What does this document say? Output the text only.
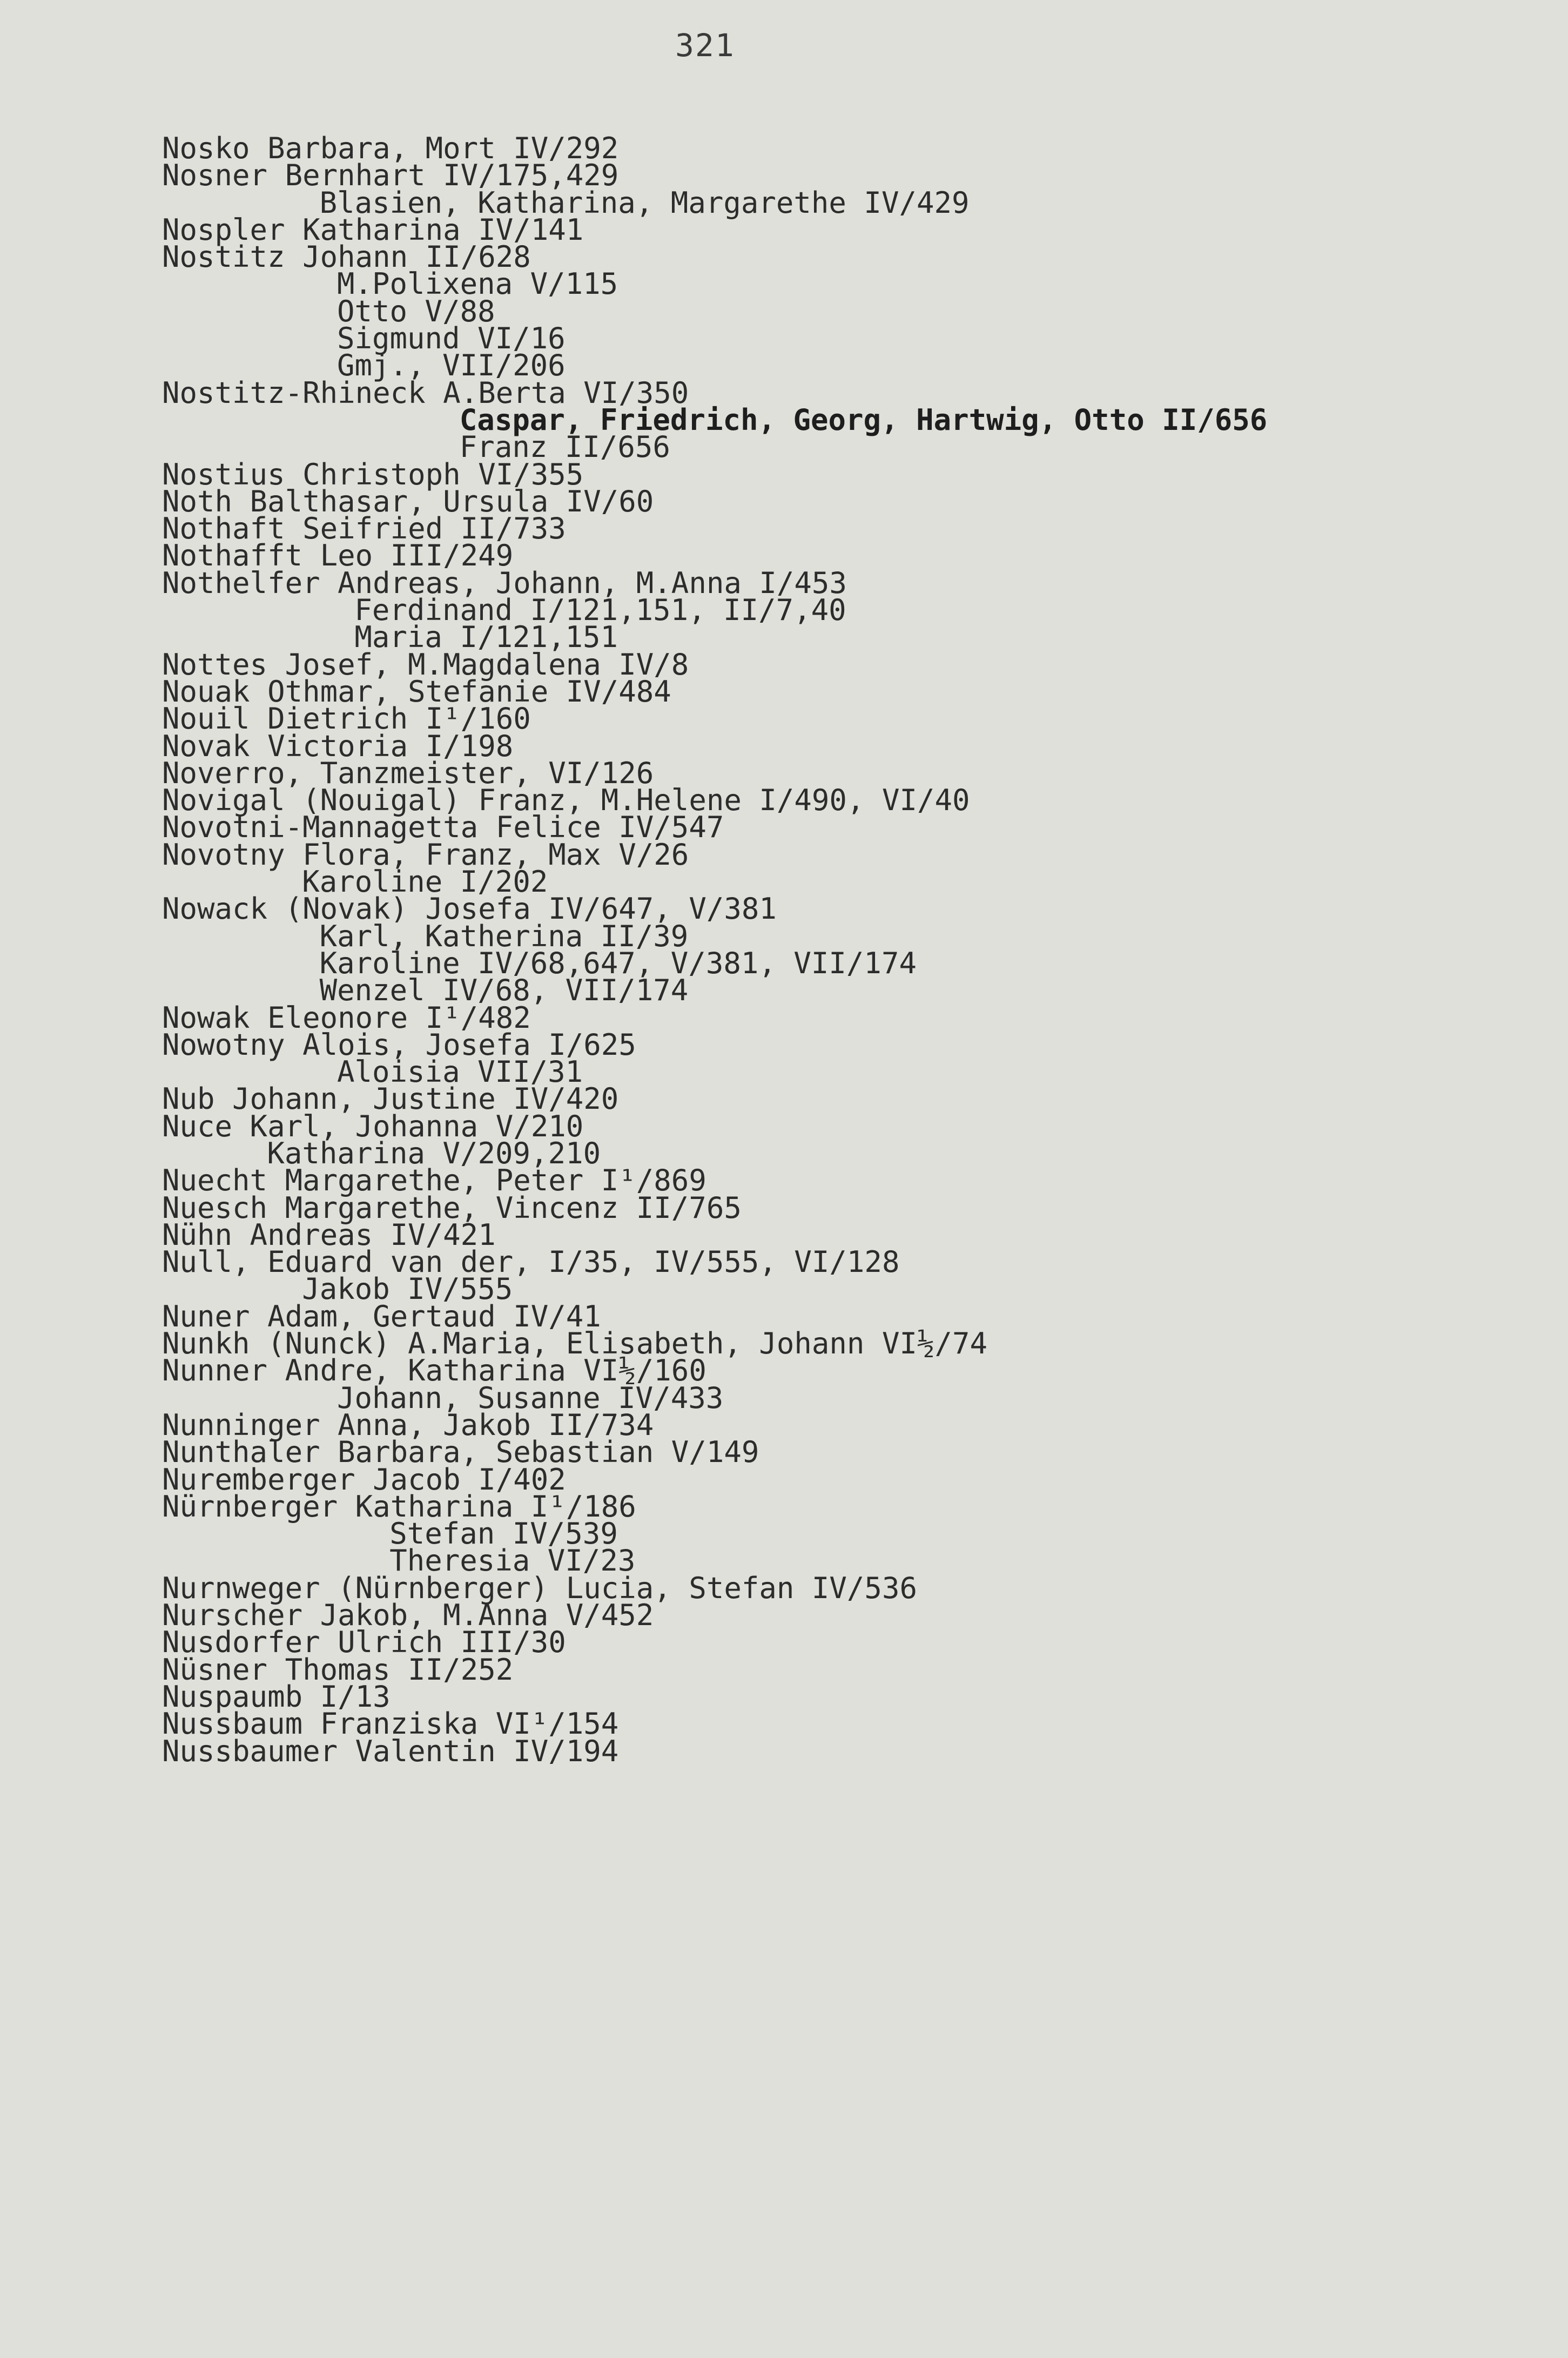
321
Nosko Barbara, Mort IV/292
Nosner Bernhart IV/175,429
Blasien, Katharina, Margarethe IV/429
Nospler Katharina IV/141
Nostitz Johann II/628
M.Polixena V/115
Otto V/88
Sigmund VI/16
Gmj., VII/206
Nostitz-Rhineck A.Berta VI/350
Caspar, Friedrich, Georg, Hartwig, Otto II/656
Franz II/656
Nostius Christoph VI/355
Noth Balthasar, Ursula IV/60
Nothaft Seifried II/733
Nothafft Leo III/249
Nothelfer Andreas, Johann, M.Anna I/453
Ferdinand I/121,151, II/7,40
Maria I/121,151
Nottes Josef, M.Magdalena IV/8
Nouak Othmar, Stefanie IV/484
Nouil Dietrich I¹/160
Novak Victoria I/198
Noverro, Tanzmeister, VI/126
Novigal (Nouigal) Franz, M.Helene I/490, VI/40
Novotni-Mannagetta Felice IV/547
Novotny Flora, Franz, Max V/26
Karoline I/202
Nowack (Novak) Josefa IV/647, V/381
Karl, Katherina II/39
Karoline IV/68,647, V/381, VII/174
Wenzel IV/68, VII/174
Nowak Eleonore I¹/482
Nowotny Alois, Josefa I/625
Aloisia VII/31
Nub Johann, Justine IV/420
Nuce Karl, Johanna V/210
Katharina V/209,210
Nuecht Margarethe, Peter I¹/869
Nuesch Margarethe, Vincenz II/765
Nühn Andreas IV/421
Null, Eduard van der, I/35, IV/555, VI/128
Jakob IV/555
Nuner Adam, Gertaud IV/41
Nunkh (Nunck) A.Maria, Elisabeth, Johann VI½/74
Nunner Andre, Katharina VI½/160
Johann, Susanne IV/433
Nunninger Anna, Jakob II/734
Nunthaler Barbara, Sebastian V/149
Nuremberger Jacob I/402
Nürnberger Katharina I¹/186
Stefan IV/539
Theresia VI/23
Nurnweger (Nürnberger) Lucia, Stefan IV/536
Nurscher Jakob, M.Anna V/452
Nusdorfer Ulrich III/30
Nüsner Thomas II/252
Nuspaumb I/13
Nussbaum Franziska VI¹/154
Nussbaumer Valentin IV/194
